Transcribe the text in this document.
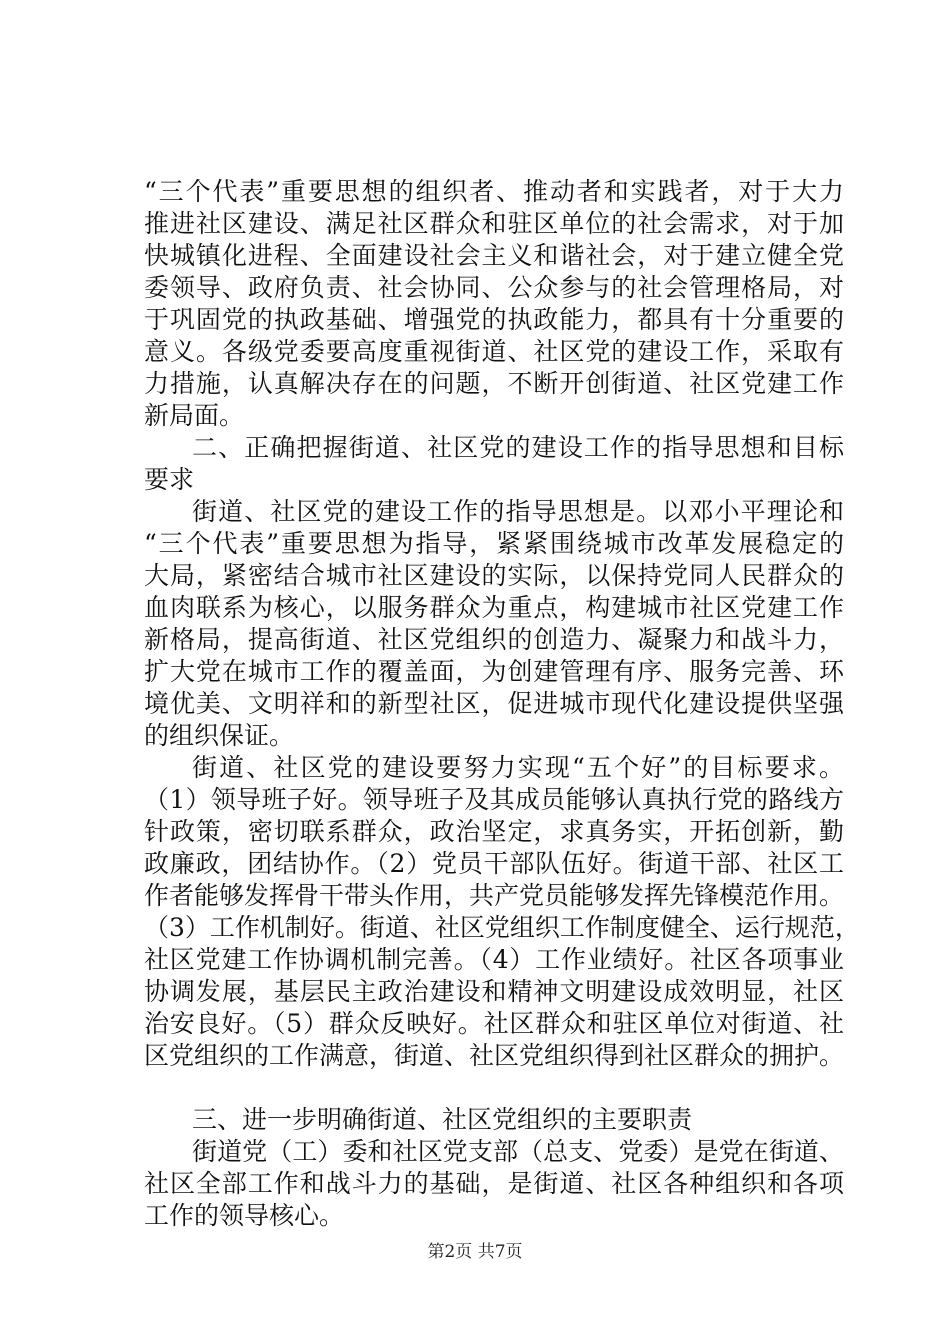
“三个代表”重要思想的组织者、推动者和实践者，对于大力
推进社区建设、满足社区群众和驻区单位的社会需求，对于加
快城镇化进程、全面建设社会主义和谐社会，对于建立健全党
委领导、政府负责、社会协同、公众参与的社会管理格局，对
于巩固党的执政基础、增强党的执政能力，都具有十分重要的
意义。各级党委要高度重视街道、社区党的建设工作，采取有
力措施，认真解决存在的问题，不断开创街道、社区党建工作
新局面。
二、正确把握街道、社区党的建设工作的指导思想和目标
要求
街道、社区党的建设工作的指导思想是。以邓小平理论和
“三个代表”重要思想为指导，紧紧围绕城市改革发展稳定的
大局，紧密结合城市社区建设的实际，以保持党同人民群众的
血肉联系为核心，以服务群众为重点，构建城市社区党建工作
新格局，提高街道、社区党组织的创造力、凝聚力和战斗力，
扩大党在城市工作的覆盖面，为创建管理有序、服务完善、环
境优美、文明祥和的新型社区，促进城市现代化建设提供坚强
的组织保证。
街道、社区党的建设要努力实现“五个好”的目标要求。
（1）领导班子好。领导班子及其成员能够认真执行党的路线方
针政策，密切联系群众，政治坚定，求真务实，开拓创新，勤
政廉政，团结协作。（2）党员干部队伍好。街道干部、社区工
作者能够发挥骨干带头作用，共产党员能够发挥先锋模范作用。
（3）工作机制好。街道、社区党组织工作制度健全、运行规范，
社区党建工作协调机制完善。（4）工作业绩好。社区各项事业
协调发展，基层民主政治建设和精神文明建设成效明显，社区
治安良好。（5）群众反映好。社区群众和驻区单位对街道、社
区党组织的工作满意，街道、社区党组织得到社区群众的拥护。
三、进一步明确街道、社区党组织的主要职责
街道党（工）委和社区党支部（总支、党委）是党在街道、
社区全部工作和战斗力的基础，是街道、社区各种组织和各项
工作的领导核心。
第2页 共7页
